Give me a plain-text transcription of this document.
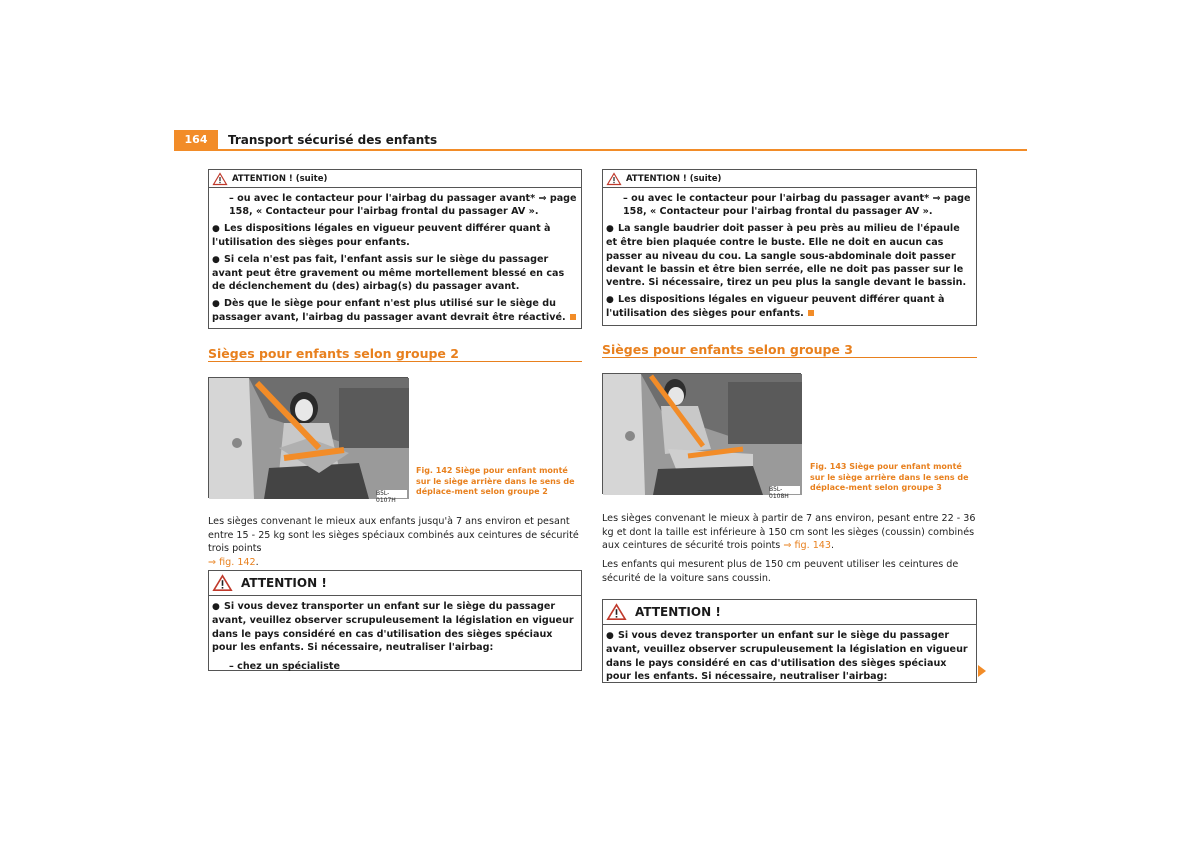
164	Transport sécurisé des enfants
ATTENTION ! (suite)

– ou avec le contacteur pour l'airbag du passager avant* ⇒ page 158, « Contacteur pour l'airbag frontal du passager AV ».

● Les dispositions légales en vigueur peuvent différer quant à l'utilisation des sièges pour enfants.

● Si cela n'est pas fait, l'enfant assis sur le siège du passager avant peut être gravement ou même mortellement blessé en cas de déclenchement du (des) airbag(s) du passager avant.

● Dès que le siège pour enfant n'est plus utilisé sur le siège du passager avant, l'airbag du passager avant devrait être réactivé.

Sièges pour enfants selon groupe 2
B5L-0107H
Fig. 142 Siège pour enfant monté sur le siège arrière dans le sens de déplace-ment selon groupe 2
Les sièges convenant le mieux aux enfants jusqu'à 7 ans environ et pesant entre 15 - 25 kg sont les sièges spéciaux combinés aux ceintures de sécurité trois points
⇒ fig. 142.
ATTENTION !

● Si vous devez transporter un enfant sur le siège du passager avant, veuillez observer scrupuleusement la législation en vigueur dans le pays considéré en cas d'utilisation des sièges spéciaux pour les enfants. Si nécessaire, neutraliser l'airbag:

– chez un spécialiste

ATTENTION ! (suite)

– ou avec le contacteur pour l'airbag du passager avant* ⇒ page 158, « Contacteur pour l'airbag frontal du passager AV ».

● La sangle baudrier doit passer à peu près au milieu de l'épaule et être bien plaquée contre le buste. Elle ne doit en aucun cas passer au niveau du cou. La sangle sous-abdominale doit passer devant le bassin et être bien serrée, elle ne doit pas passer sur le ventre. Si nécessaire, tirez un peu plus la sangle devant le bassin.

● Les dispositions légales en vigueur peuvent différer quant à l'utilisation des sièges pour enfants.

Sièges pour enfants selon groupe 3
B5L-0108H
Fig. 143 Siège pour enfant monté sur le siège arrière dans le sens de déplace-ment selon groupe 3
Les sièges convenant le mieux à partir de 7 ans environ, pesant entre 22 - 36 kg et dont la taille est inférieure à 150 cm sont les sièges (coussin) combinés aux ceintures de sécurité trois points ⇒ fig. 143.
Les enfants qui mesurent plus de 150 cm peuvent utiliser les ceintures de sécurité de la voiture sans coussin.
ATTENTION !

● Si vous devez transporter un enfant sur le siège du passager avant, veuillez observer scrupuleusement la législation en vigueur dans le pays considéré en cas d'utilisation des sièges spéciaux pour les enfants. Si nécessaire, neutraliser l'airbag:
